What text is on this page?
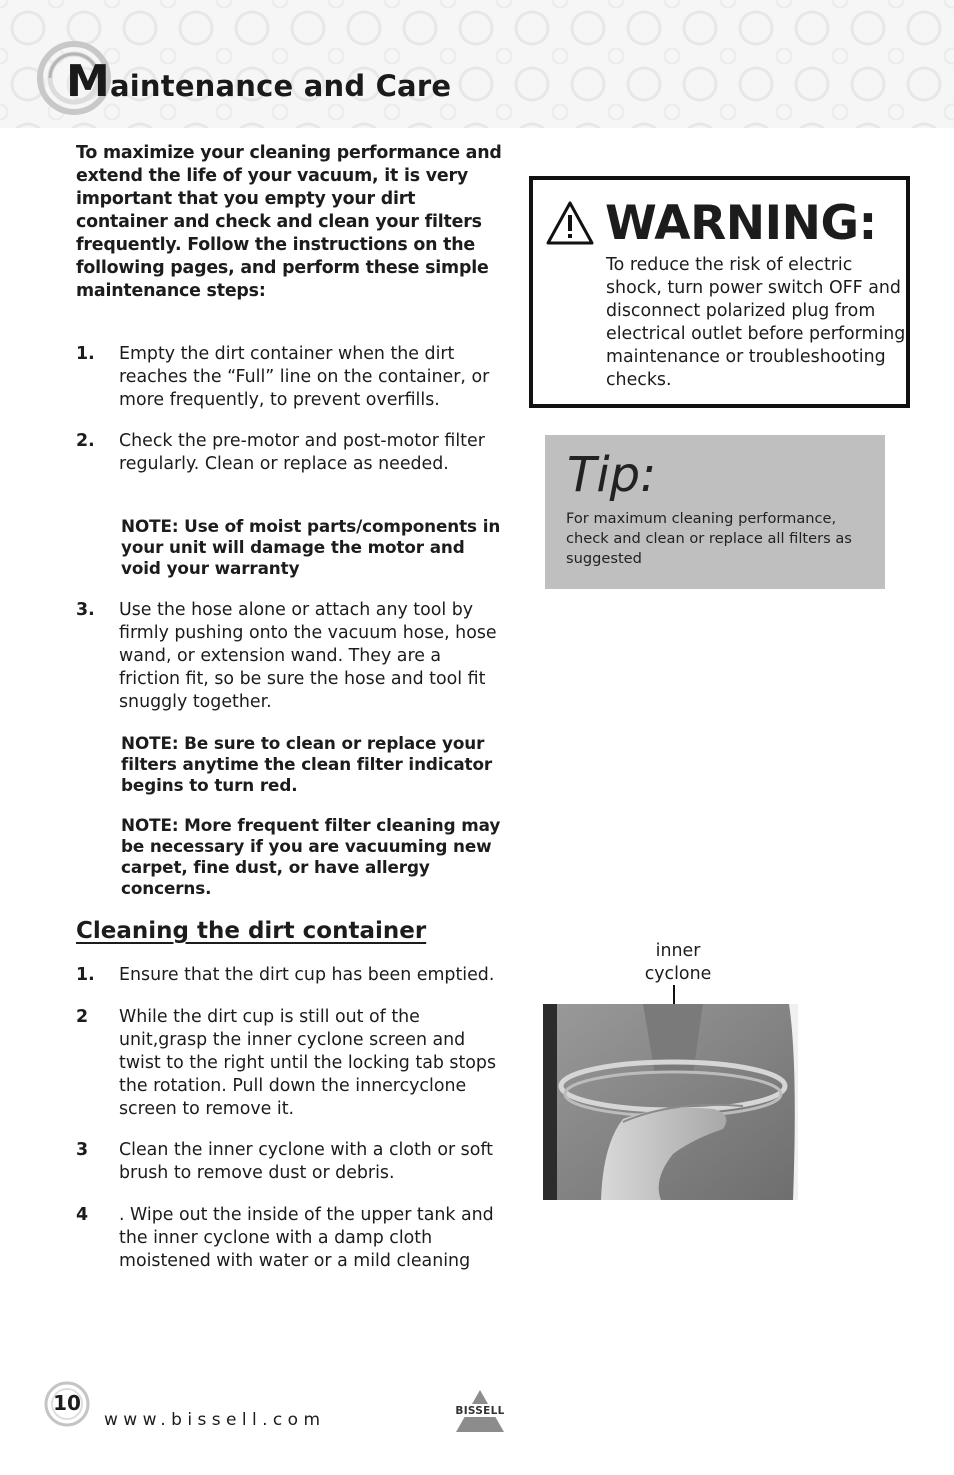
Maintenance and Care

To maximize your cleaning performance and extend the life of your vacuum, it is very important that you empty your dirt container and check and clean your filters frequently. Follow the instructions on the following pages, and perform these simple maintenance steps:

1. Empty the dirt container when the dirt reaches the “Full” line on the container, or more frequently, to prevent overfills.
2. Check the pre-motor and post-motor filter regularly. Clean or replace as needed.

NOTE: Use of moist parts/components in your unit will damage the motor and void your warranty

3. Use the hose alone or attach any tool by firmly pushing onto the vacuum hose, hose wand, or extension wand. They are a friction fit, so be sure the hose and tool fit snuggly together.

NOTE: Be sure to clean or replace your filters anytime the clean filter indicator begins to turn red.

NOTE: More frequent filter cleaning may be necessary if you are vacuuming new carpet, fine dust, or have allergy concerns.

Cleaning the dirt container
1. Ensure that the dirt cup has been emptied.
2 While the dirt cup is still out of the unit,grasp the inner cyclone screen and twist to the right until the locking tab stops the rotation. Pull down the innercyclone screen to remove it.
3 Clean the inner cyclone with a cloth or soft brush to remove dust or debris.
4 . Wipe out the inside of the upper tank and the inner cyclone with a damp cloth moistened with water or a mild cleaning
WARNING:

To reduce the risk of electric shock, turn power switch OFF and disconnect polarized plug from electrical outlet before performing maintenance or troubleshooting checks.

Tip:

For maximum cleaning performance, check and clean or replace all filters as suggested

inner cyclone

10

www.bissell.com	BISSELL
